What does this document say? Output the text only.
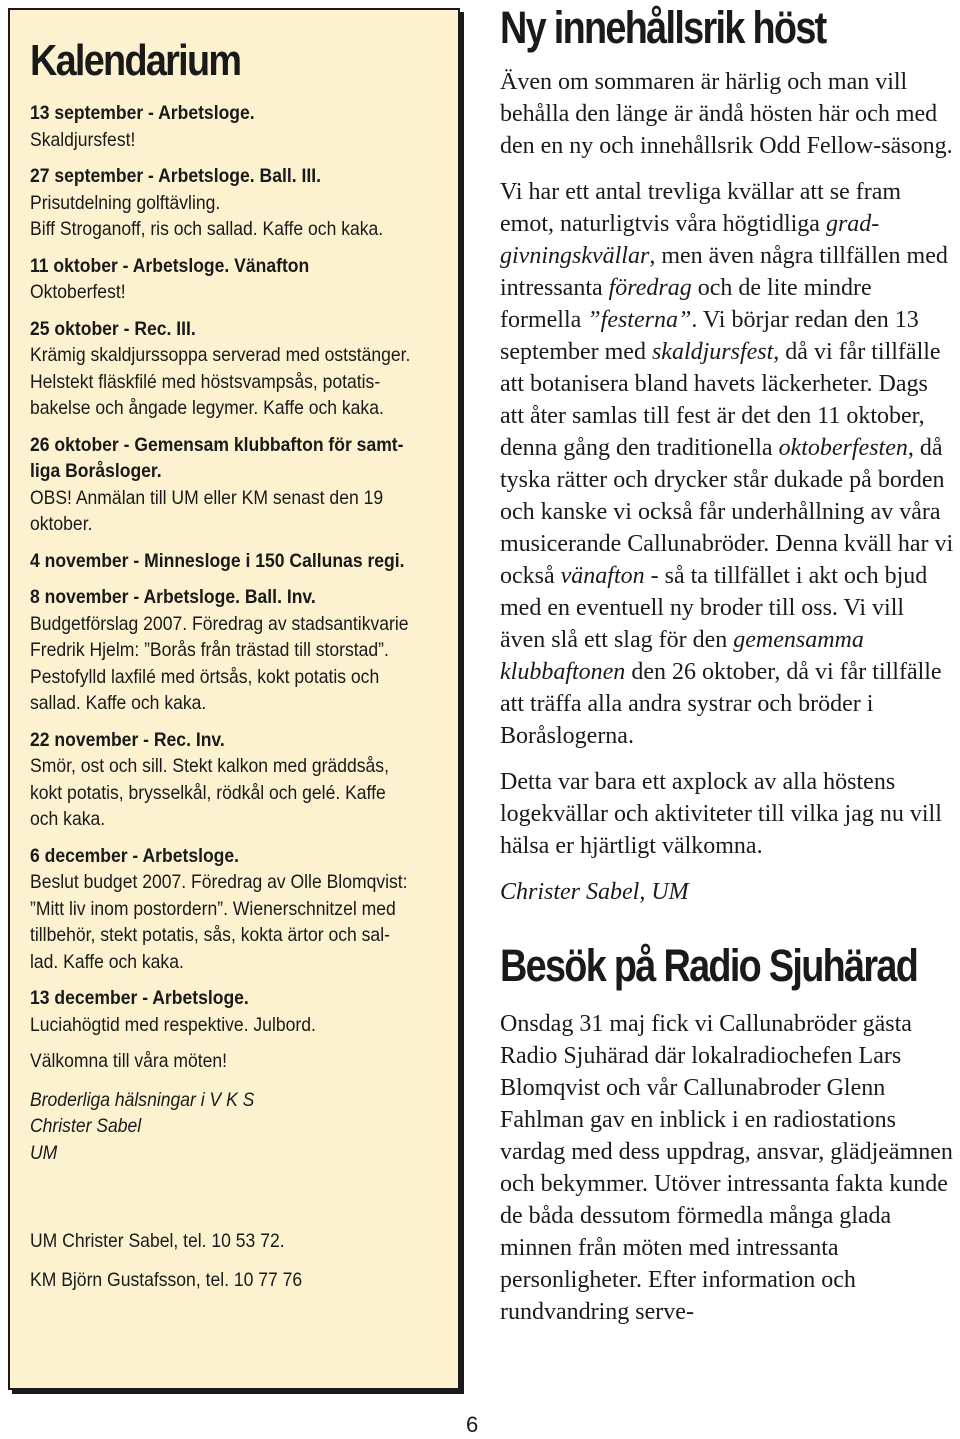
Kalendarium
13 september - Arbetsloge.
Skaldjursfest!
27 september - Arbetsloge. Ball. III.
Prisutdelning golftävling.
Biff Stroganoff, ris och sallad. Kaffe och kaka.
11 oktober - Arbetsloge. Vänafton
Oktoberfest!
25 oktober - Rec. III.
Krämig skaldjurssoppa serverad med oststänger.
Helstekt fläskfilé med höstsvampsås, potatis-
bakelse och ångade legymer. Kaffe och kaka.
26 oktober - Gemensam klubbafton för samt-
liga Boråsloger.
OBS! Anmälan till UM eller KM senast den 19
oktober.
4 november - Minnesloge i 150 Callunas regi.
8 november - Arbetsloge. Ball. Inv.
Budgetförslag 2007. Föredrag av stadsantikvarie
Fredrik Hjelm: ”Borås från trästad till storstad”.
Pestofylld laxfilé med örtsås, kokt potatis och
sallad. Kaffe och kaka.
22 november - Rec. Inv.
Smör, ost och sill. Stekt kalkon med gräddsås,
kokt potatis, brysselkål, rödkål och gelé. Kaffe
och kaka.
6 december - Arbetsloge.
Beslut budget 2007. Föredrag av Olle Blomqvist:
”Mitt liv inom postordern”. Wienerschnitzel med
tillbehör, stekt potatis, sås, kokta ärtor och sal-
lad. Kaffe och kaka.
13 december - Arbetsloge.
Luciahögtid med respektive. Julbord.
Välkomna till våra möten!
Broderliga hälsningar i V K S
Christer Sabel
UM
UM Christer Sabel, tel. 10 53 72.
KM Björn Gustafsson, tel. 10 77 76
Ny innehållsrik höst

Även om sommaren är härlig och man vill behålla den länge är ändå hösten här och med den en ny och innehållsrik Odd Fellow-säsong.

Vi har ett antal trevliga kvällar att se fram emot, naturligtvis våra högtidliga grad-givningskvällar, men även några tillfällen med intressanta föredrag och de lite mindre formella ”festerna”. Vi börjar redan den 13 september med skaldjursfest, då vi får tillfälle att botanisera bland havets läckerheter. Dags att åter samlas till fest är det den 11 oktober, denna gång den traditionella oktoberfesten, då tyska rätter och drycker står dukade på borden och kanske vi också får underhållning av våra musicerande Callunabröder. Denna kväll har vi också vänafton - så ta tillfället i akt och bjud med en eventuell ny broder till oss. Vi vill även slå ett slag för den gemensamma klubbaftonen den 26 oktober, då vi får tillfälle att träffa alla andra systrar och bröder i Boråslogerna.

Detta var bara ett axplock av alla höstens logekvällar och aktiviteter till vilka jag nu vill hälsa er hjärtligt välkomna.

Christer Sabel, UM

Besök på Radio Sjuhärad

Onsdag 31 maj fick vi Callunabröder gästa Radio Sjuhärad där lokalradiochefen Lars Blomqvist och vår Callunabroder Glenn Fahlman gav en inblick i en radiostations vardag med dess uppdrag, ansvar, glädjeämnen och bekymmer. Utöver intressanta fakta kunde de båda dessutom förmedla många glada minnen från möten med intressanta personligheter. Efter information och rundvandring serve-

6
